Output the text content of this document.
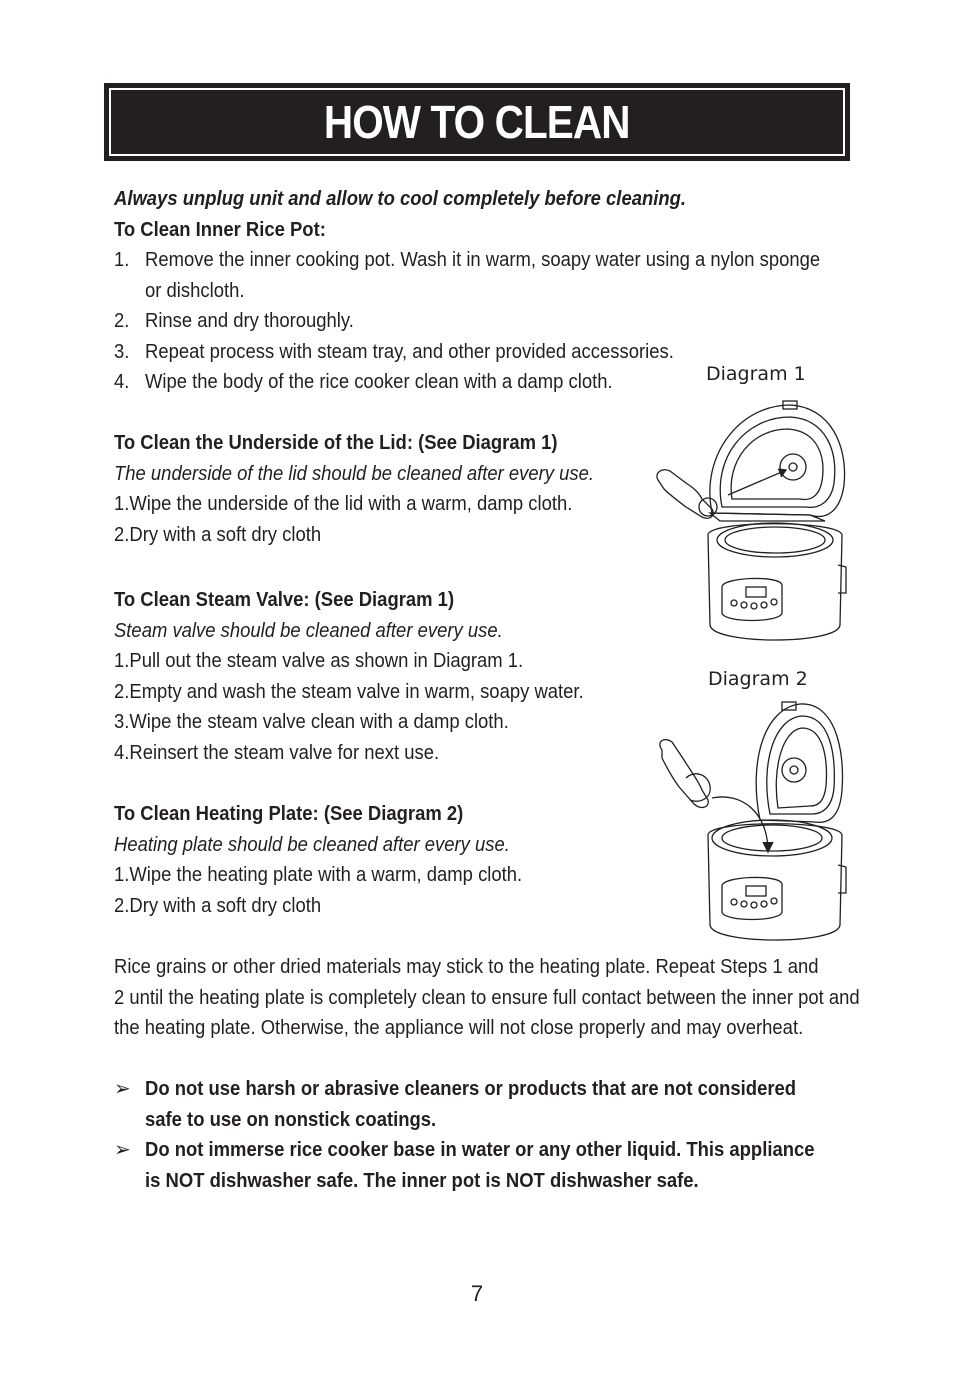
HOW TO CLEAN
Always unplug unit and allow to cool completely before cleaning.
To Clean Inner Rice Pot:
1. Remove the inner cooking pot. Wash it in warm, soapy water using a nylon sponge
or dishcloth.
2. Rinse and dry thoroughly.
3. Repeat process with steam tray, and other provided accessories.
4. Wipe the body of the rice cooker clean with a damp cloth.
To Clean the Underside of the Lid: (See Diagram 1)
The underside of the lid should be cleaned after every use.
1.Wipe the underside of the lid with a warm, damp cloth.
2.Dry with a soft dry cloth
To Clean Steam Valve: (See Diagram 1)
Steam valve should be cleaned after every use.
1.Pull out the steam valve as shown in Diagram 1.
2.Empty and wash the steam valve in warm, soapy water.
3.Wipe the steam valve clean with a damp cloth.
4.Reinsert the steam valve for next use.
To Clean Heating Plate: (See Diagram 2)
Heating plate should be cleaned after every use.
1.Wipe the heating plate with a warm, damp cloth.
2.Dry with a soft dry cloth
Rice grains or other dried materials may stick to the heating plate. Repeat Steps 1 and
2 until the heating plate is completely clean to ensure full contact between the inner pot and
the heating plate. Otherwise, the appliance will not close properly and may overheat.
➢ Do not use harsh or abrasive cleaners or products that are not considered
safe to use on nonstick coatings.
➢ Do not immerse rice cooker base in water or any other liquid. This appliance
is NOT dishwasher safe. The inner pot is NOT dishwasher safe.
Diagram 1
Diagram 2
7
